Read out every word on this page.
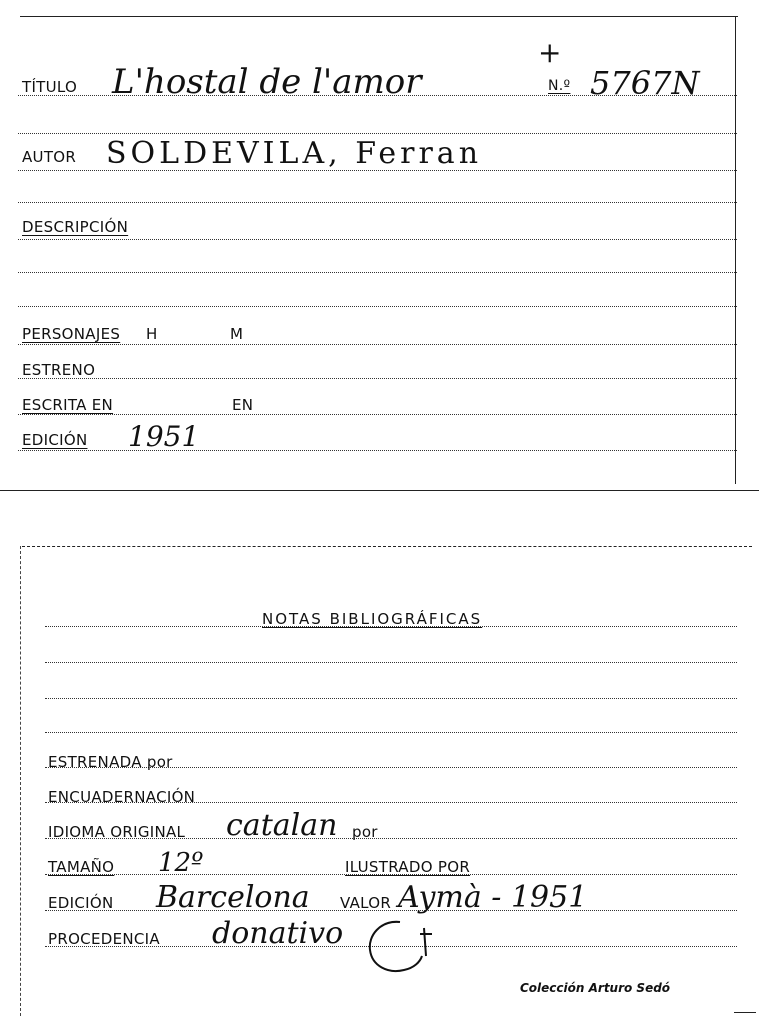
TÍTULO L'hostal de l'amor
+
N.º 5767N
AUTOR SOLDEVILA, Ferran
DESCRIPCIÓN
PERSONAJES H	M
ESTRENO
ESCRITA EN	EN
EDICIÓN 1951
NOTAS BIBLIOGRÁFICAS
ESTRENADA por
ENCUADERNACIÓN
IDIOMA ORIGINAL catalan por
TAMAÑO 12º	ILUSTRADO POR
EDICIÓN Barcelona VALOR Aymà - 1951
PROCEDENCIA donativo
Colección Arturo Sedó
